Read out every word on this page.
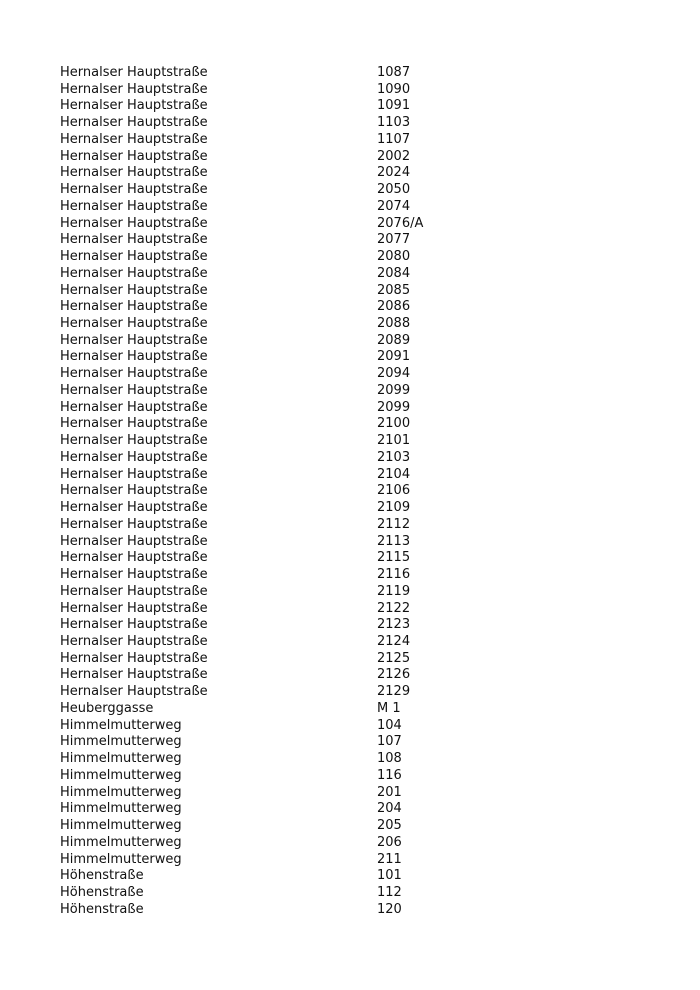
Hernalser Hauptstraße	1087
Hernalser Hauptstraße	1090
Hernalser Hauptstraße	1091
Hernalser Hauptstraße	1103
Hernalser Hauptstraße	1107
Hernalser Hauptstraße	2002
Hernalser Hauptstraße	2024
Hernalser Hauptstraße	2050
Hernalser Hauptstraße	2074
Hernalser Hauptstraße	2076/A
Hernalser Hauptstraße	2077
Hernalser Hauptstraße	2080
Hernalser Hauptstraße	2084
Hernalser Hauptstraße	2085
Hernalser Hauptstraße	2086
Hernalser Hauptstraße	2088
Hernalser Hauptstraße	2089
Hernalser Hauptstraße	2091
Hernalser Hauptstraße	2094
Hernalser Hauptstraße	2099
Hernalser Hauptstraße	2099
Hernalser Hauptstraße	2100
Hernalser Hauptstraße	2101
Hernalser Hauptstraße	2103
Hernalser Hauptstraße	2104
Hernalser Hauptstraße	2106
Hernalser Hauptstraße	2109
Hernalser Hauptstraße	2112
Hernalser Hauptstraße	2113
Hernalser Hauptstraße	2115
Hernalser Hauptstraße	2116
Hernalser Hauptstraße	2119
Hernalser Hauptstraße	2122
Hernalser Hauptstraße	2123
Hernalser Hauptstraße	2124
Hernalser Hauptstraße	2125
Hernalser Hauptstraße	2126
Hernalser Hauptstraße	2129
Heuberggasse	M 1
Himmelmutterweg	104
Himmelmutterweg	107
Himmelmutterweg	108
Himmelmutterweg	116
Himmelmutterweg	201
Himmelmutterweg	204
Himmelmutterweg	205
Himmelmutterweg	206
Himmelmutterweg	211
Höhenstraße	101
Höhenstraße	112
Höhenstraße	120
